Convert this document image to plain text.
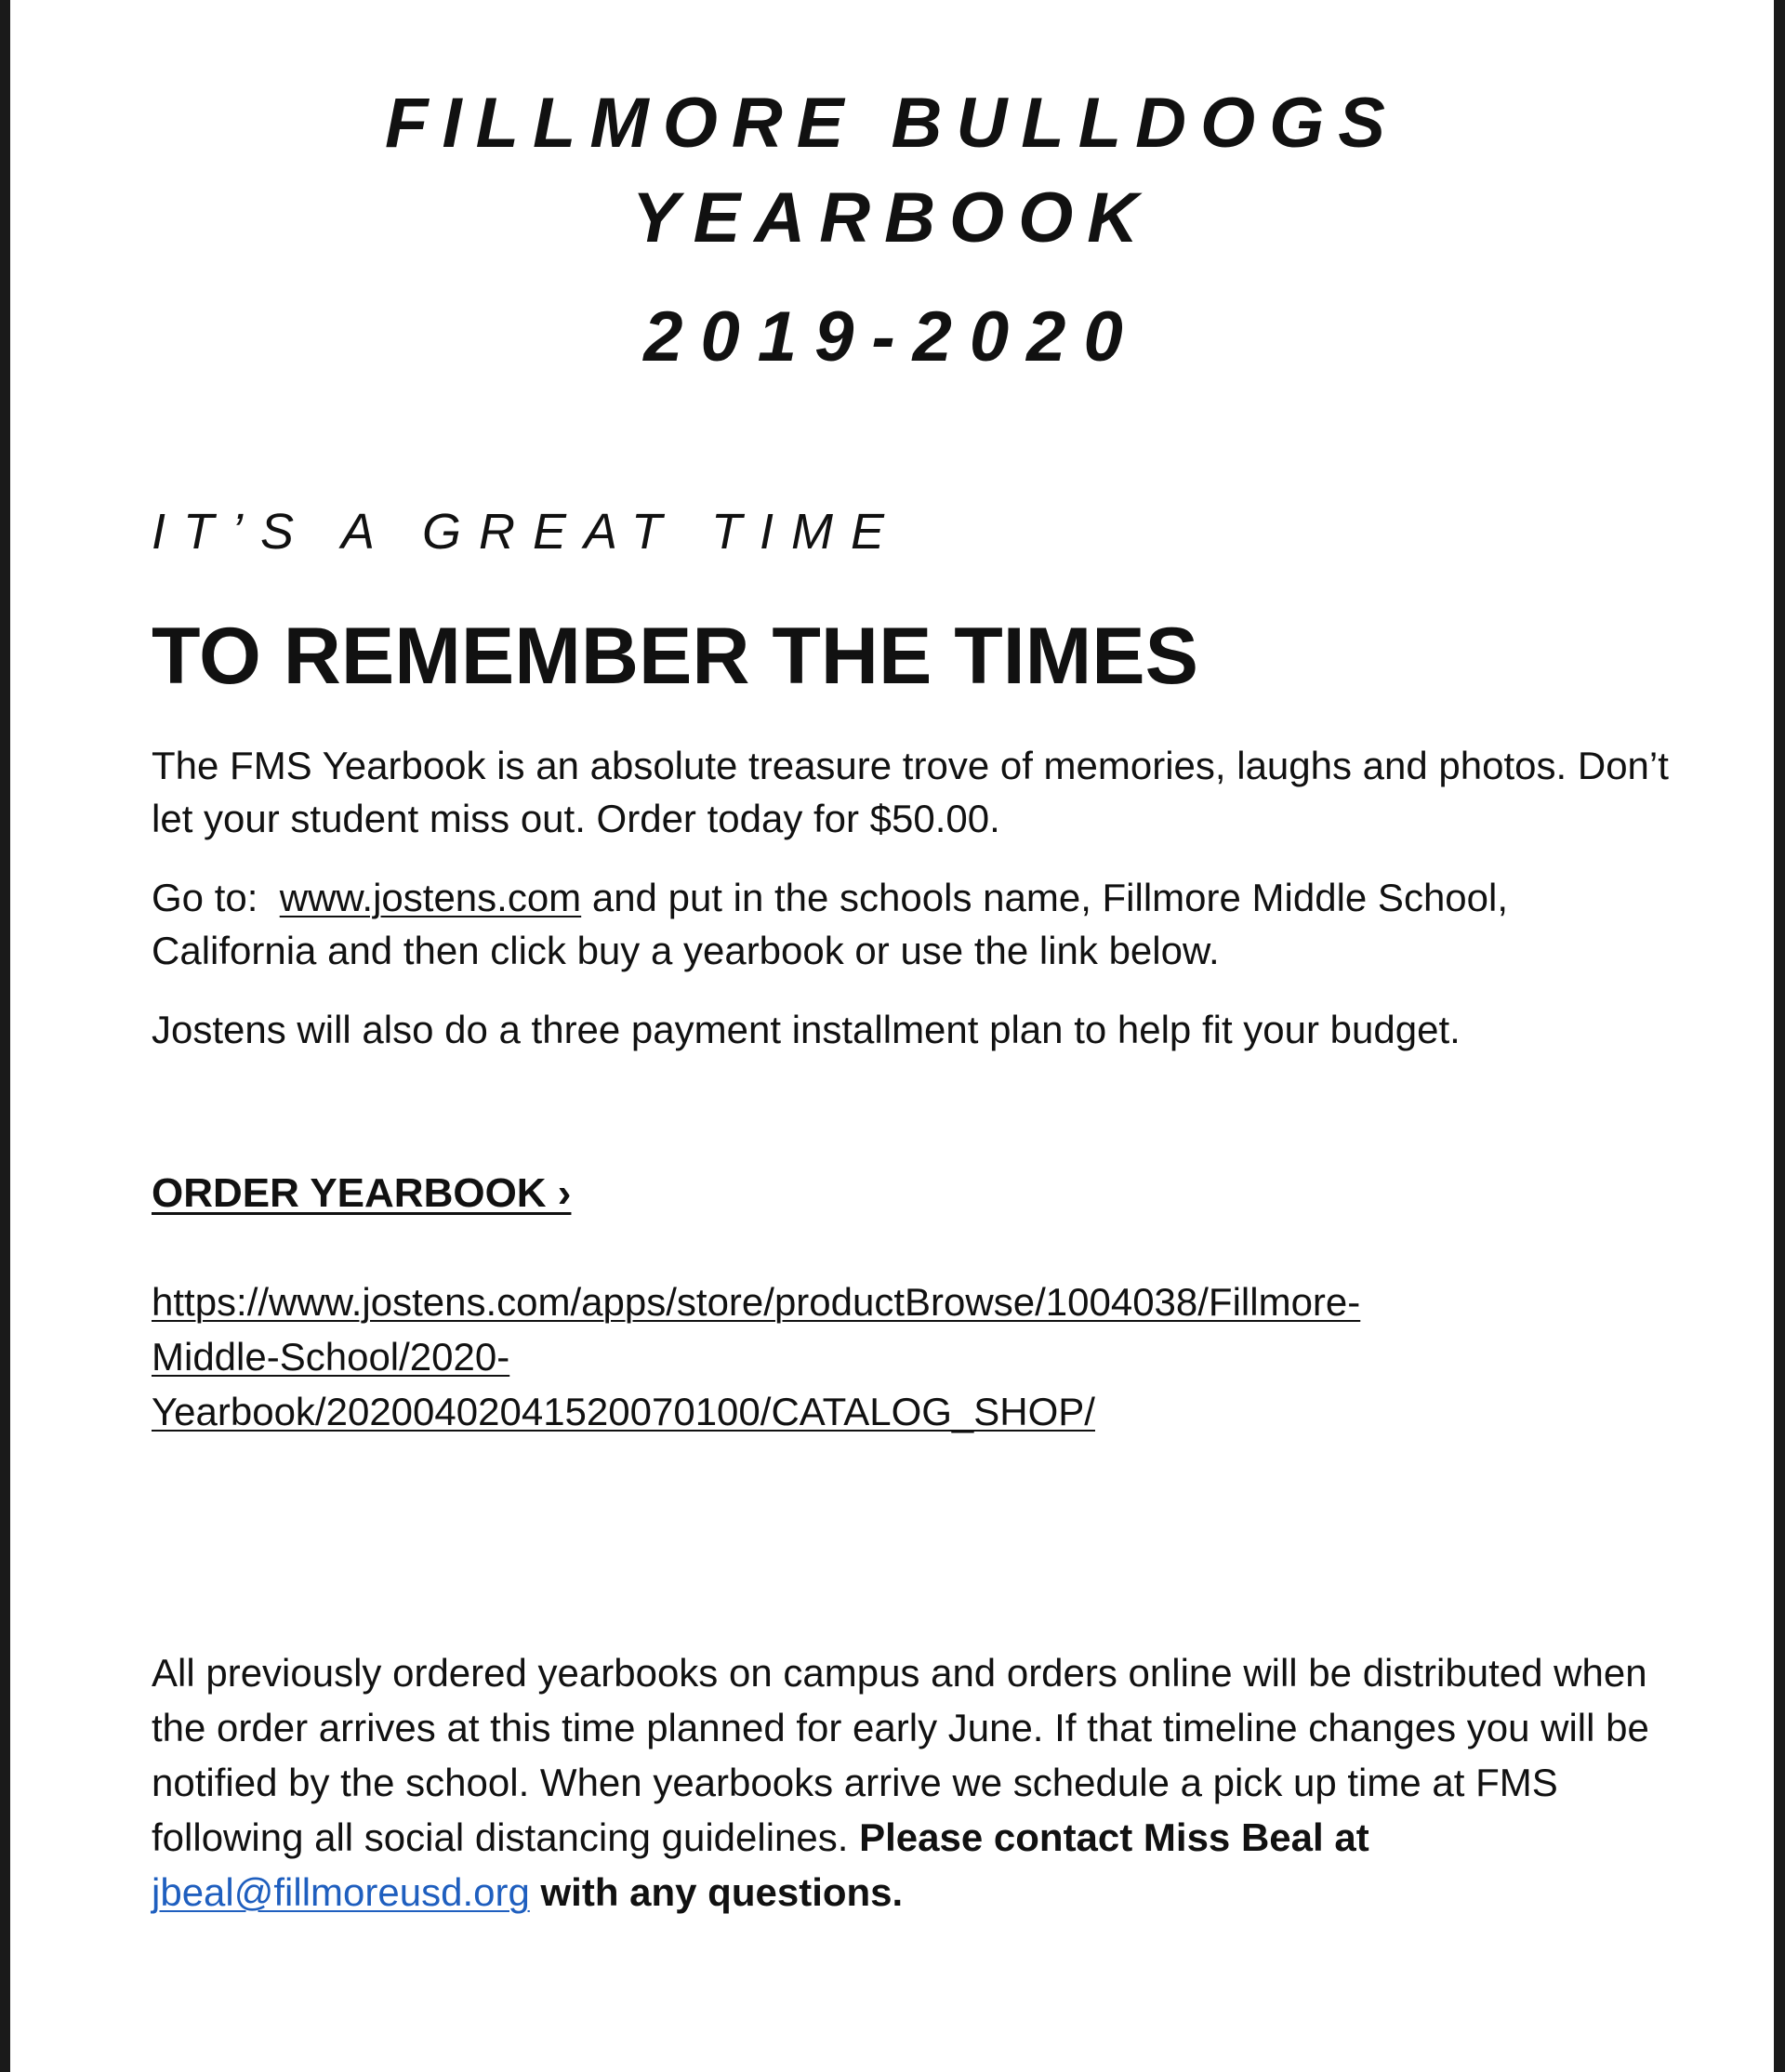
FILLMORE BULLDOGS
YEARBOOK
2019-2020
IT’S A GREAT TIME
TO REMEMBER THE TIMES

The FMS Yearbook is an absolute treasure trove of memories, laughs and photos. Don’t let your student miss out. Order today for $50.00.

Go to:  www.jostens.com and put in the schools name, Fillmore Middle School, California and then click buy a yearbook or use the link below.

Jostens will also do a three payment installment plan to help fit your budget.

ORDER YEARBOOK ›

https://www.jostens.com/apps/store/productBrowse/1004038/Fillmore-
Middle-School/2020-
Yearbook/20200402041520070100/CATALOG_SHOP/

All previously ordered yearbooks on campus and orders online will be distributed when the order arrives at this time planned for early June. If that timeline changes you will be notified by the school. When yearbooks arrive we schedule a pick up time at FMS following all social distancing guidelines. Please contact Miss Beal at jbeal@fillmoreusd.org with any questions.
